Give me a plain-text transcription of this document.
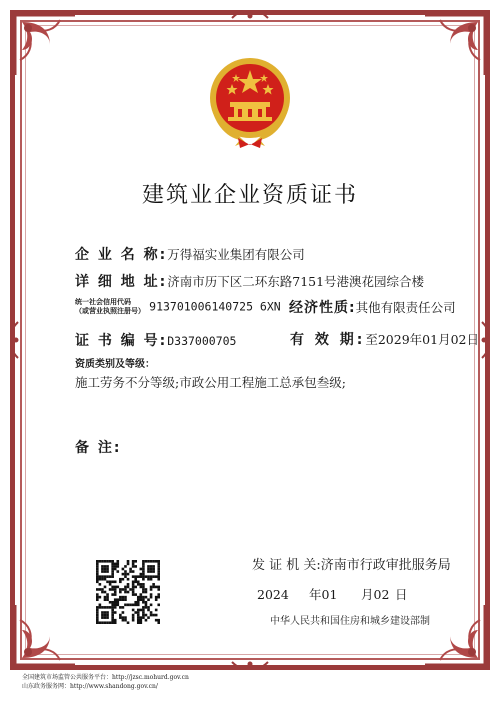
建筑业企业资质证书
企 业 名 称:万得福实业集团有限公司
详 细 地 址:济南市历下区二环东路7151号港澳花园综合楼
统一社会信用代码
（或营业执照注册号） 913701006140725 6XN 经济性质:其他有限责任公司
证 书 编 号:D337000705	有 效 期:至2029年01月02日
资质类别及等级：
施工劳务不分等级;市政公用工程施工总承包叁级;
备 注:
发 证 机 关:济南市行政审批服务局
2024 年01 月02 日
中华人民共和国住房和城乡建设部制
全国建筑市场监管公共服务平台：http://jzsc.mohurd.gov.cn
山东政务服务网：http://www.shandong.gov.cn/
